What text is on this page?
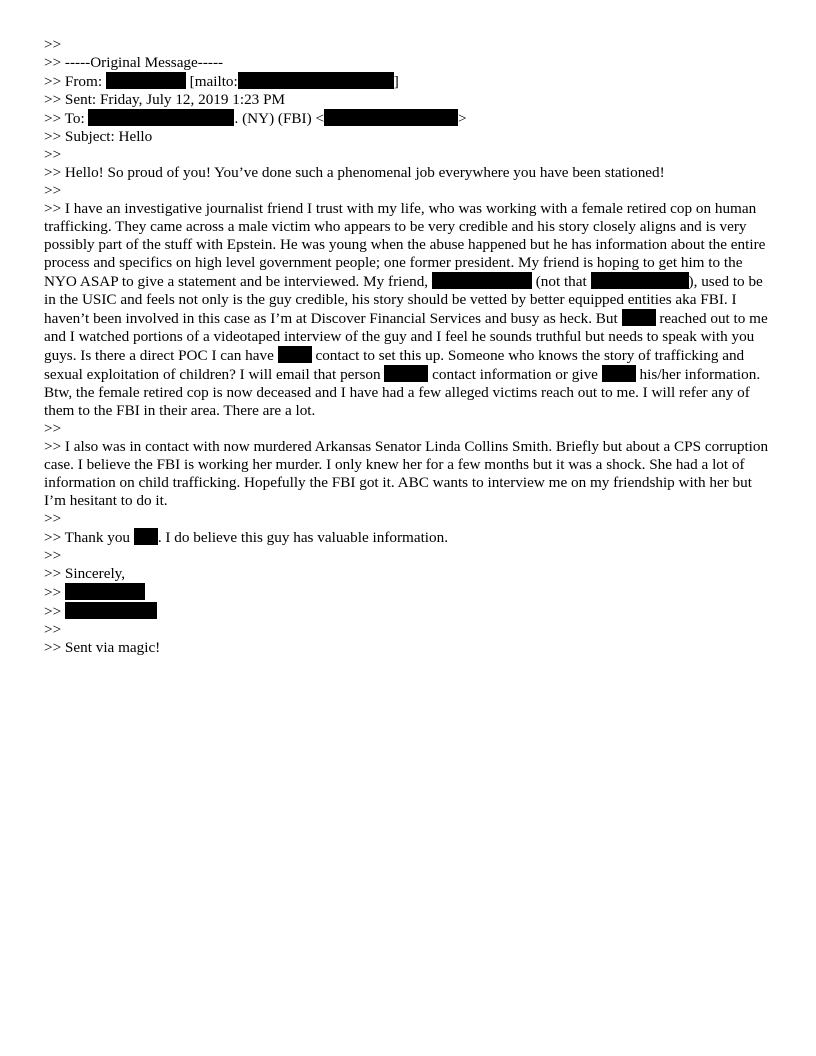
>>
>> -----Original Message-----
>> From:	[mailto:	]
>> Sent: Friday, July 12, 2019 1:23 PM
>> To:	. (NY) (FBI) <	>
>> Subject: Hello
>>
>> Hello! So proud of you! You’ve done such a phenomenal job everywhere you have been stationed!
>>
>> I have an investigative journalist friend I trust with my life, who was working with a female retired cop on human trafficking. They came across a male victim who appears to be very credible and his story closely aligns and is very possibly part of the stuff with Epstein. He was young when the abuse happened but he has information about the entire process and specifics on high level government people; one former president. My friend is hoping to get him to the NYO ASAP to give a statement and be interviewed. My friend,	(not that	), used to be in the USIC and feels not only is the guy credible, his story should be vetted by better equipped entities aka FBI. I haven’t been involved in this case as I’m at Discover Financial Services and busy as heck. But  reached out to me and I watched portions of a videotaped interview of the guy and I feel he sounds truthful but needs to speak with you guys. Is there a direct POC I can have  contact to set this up. Someone who knows the story of trafficking and sexual exploitation of children? I will email that person	contact information or give  his/her information. Btw, the female retired cop is now deceased and I have had a few alleged victims reach out to me. I will refer any of them to the FBI in their area. There are a lot.
>>
>> I also was in contact with now murdered Arkansas Senator Linda Collins Smith. Briefly but about a CPS corruption case. I believe the FBI is working her murder. I only knew her for a few months but it was a shock. She had a lot of information on child trafficking. Hopefully the FBI got it. ABC wants to interview me on my friendship with her but I’m hesitant to do it.
>>
>> Thank you . I do believe this guy has valuable information.
>>
>> Sincerely,
>>
>>
>>
>> Sent via magic!
